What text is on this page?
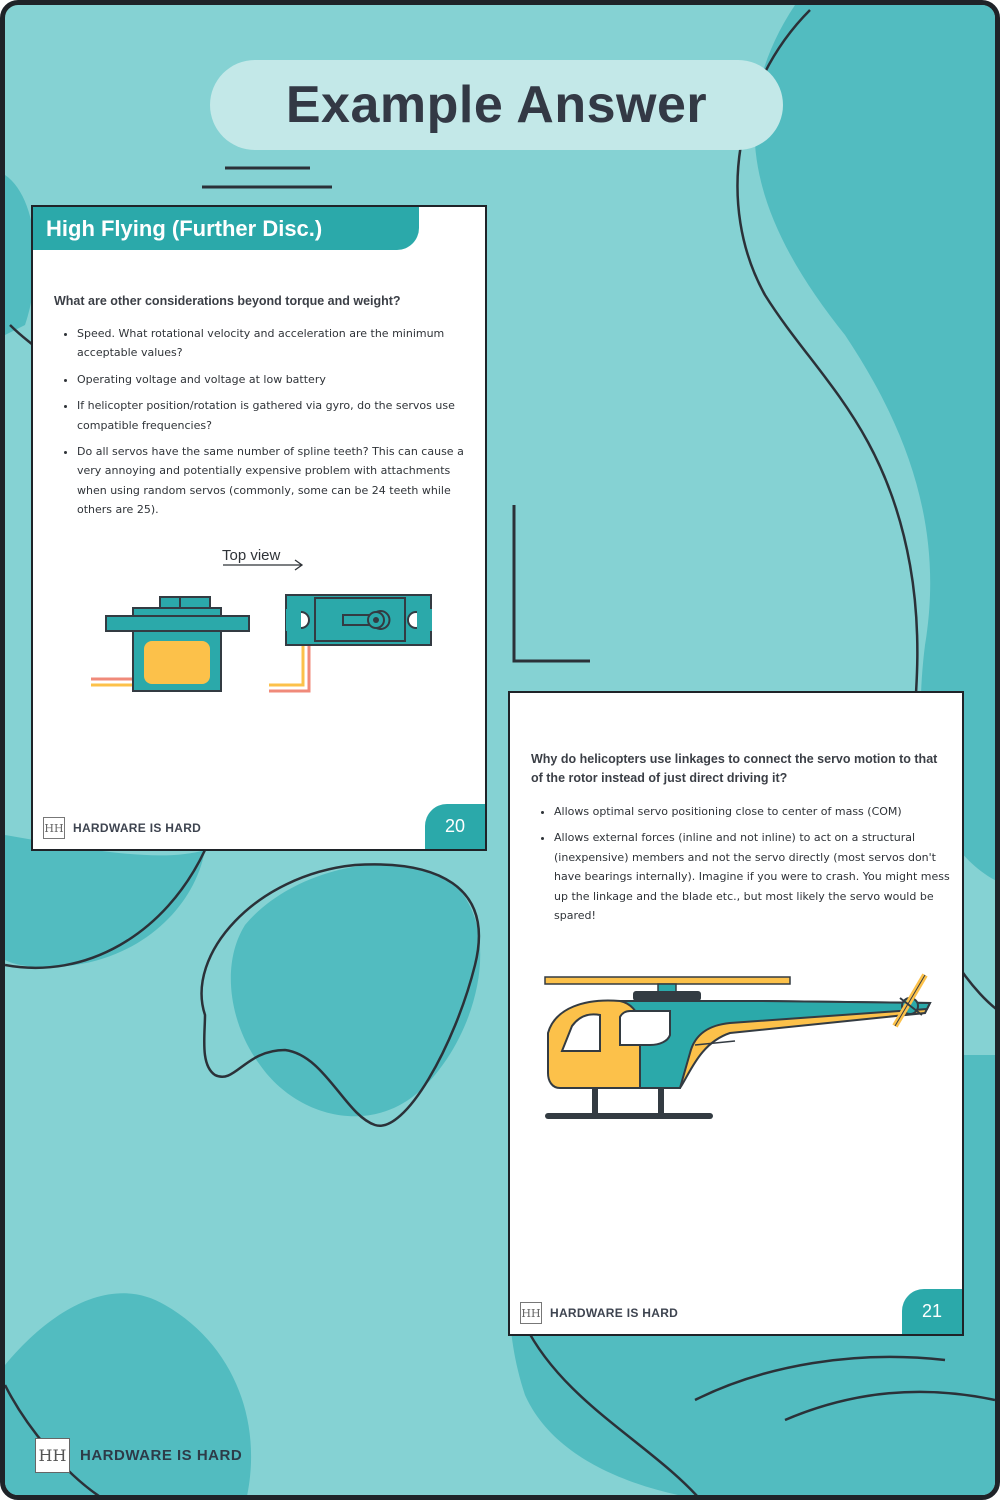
Example Answer
High Flying (Further Disc.)
What are other considerations beyond torque and weight?
• Speed. What rotational velocity and acceleration are the minimum acceptable values?
• Operating voltage and voltage at low battery
• If helicopter position/rotation is gathered via gyro, do the servos use compatible frequencies?
• Do all servos have the same number of spline teeth? This can cause a very annoying and potentially expensive problem with attachments when using random servos (commonly, some can be 24 teeth while others are 25).
Top view
HH HARDWARE IS HARD	20
Why do helicopters use linkages to connect the servo motion to that of the rotor instead of just direct driving it?
• Allows optimal servo positioning close to center of mass (COM)
• Allows external forces (inline and not inline) to act on a structural (inexpensive) members and not the servo directly (most servos don't have bearings internally). Imagine if you were to crash. You might mess up the linkage and the blade etc., but most likely the servo would be spared!
HH HARDWARE IS HARD	21
HH HARDWARE IS HARD
